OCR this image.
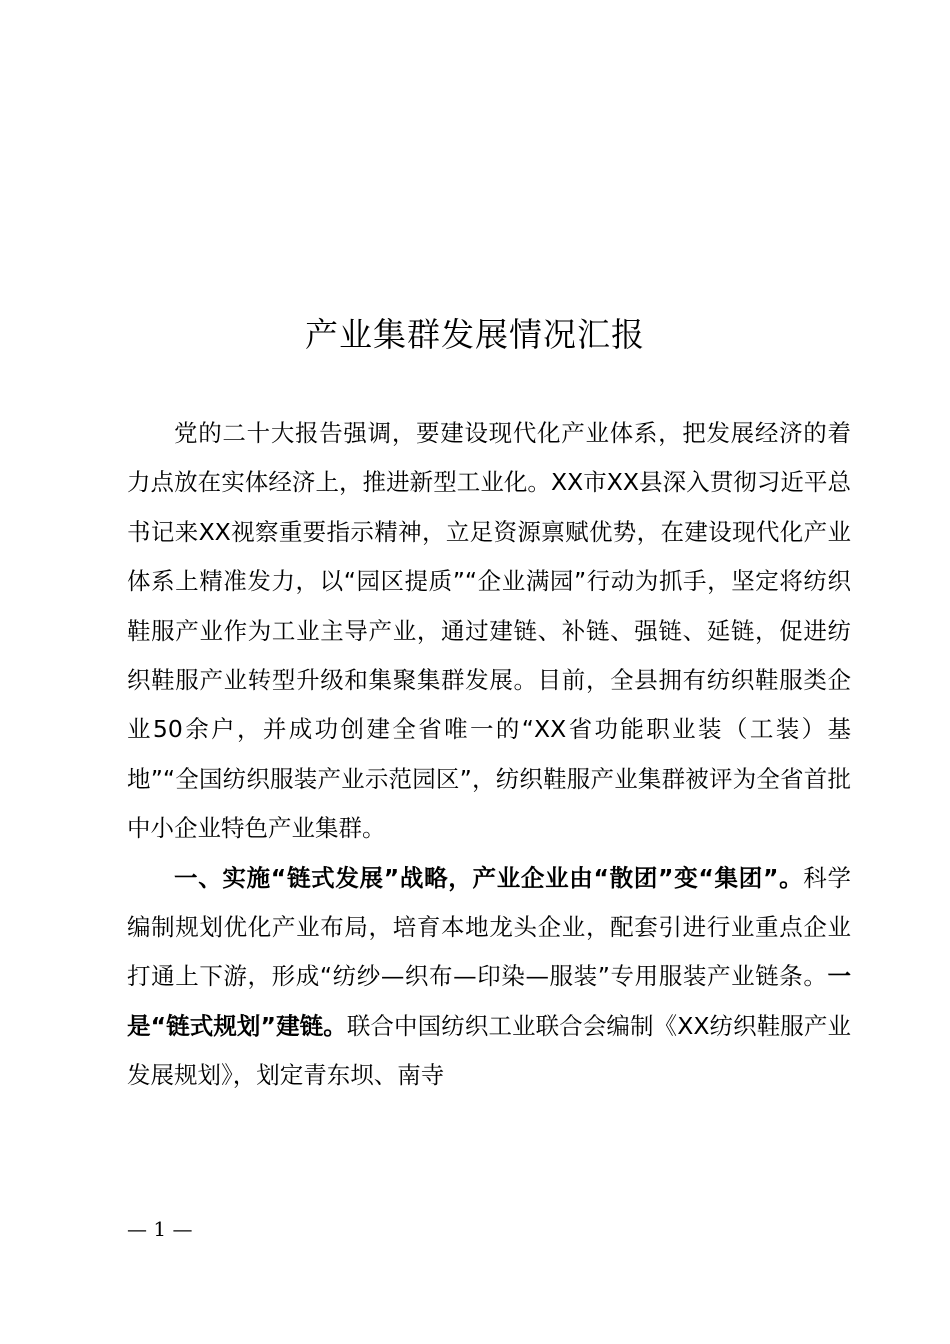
产业集群发展情况汇报

党的二十大报告强调，要建设现代化产业体系，把发展经济的着力点放在实体经济上，推进新型工业化。XX市XX县深入贯彻习近平总书记来XX视察重要指示精神，立足资源禀赋优势，在建设现代化产业体系上精准发力，以“园区提质”“企业满园”行动为抓手，坚定将纺织鞋服产业作为工业主导产业，通过建链、补链、强链、延链，促进纺织鞋服产业转型升级和集聚集群发展。目前，全县拥有纺织鞋服类企业50余户，并成功创建全省唯一的“XX省功能职业装（工装）基地”“全国纺织服装产业示范园区”，纺织鞋服产业集群被评为全省首批中小企业特色产业集群。

一、实施“链式发展”战略，产业企业由“散团”变“集团”。科学编制规划优化产业布局，培育本地龙头企业，配套引进行业重点企业打通上下游，形成“纺纱—织布—印染—服装”专用服装产业链条。一是“链式规划”建链。联合中国纺织工业联合会编制《XX纺织鞋服产业发展规划》，划定青东坝、南寺

— 1 —
